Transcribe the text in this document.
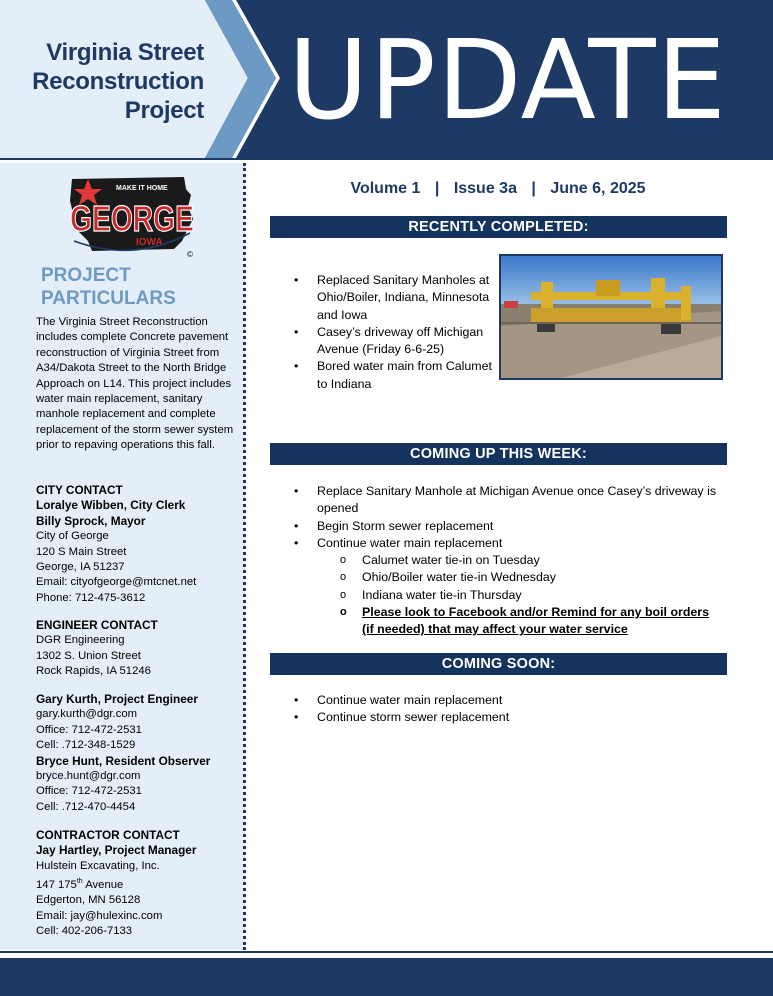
Virginia Street
Reconstruction
Project UPDATE
MAKE IT HOME
GEORGE
IOWA
©
PROJECT
PARTICULARS
The Virginia Street Reconstruction includes complete Concrete pavement reconstruction of Virginia Street from A34/Dakota Street to the North Bridge Approach on L14. This project includes water main replacement, sanitary manhole replacement and complete replacement of the storm sewer system prior to repaving operations this fall.
CITY CONTACT
Loralye Wibben, City Clerk
Billy Sprock, Mayor
City of George
120 S Main Street
George, IA 51237
Email: cityofgeorge@mtcnet.net
Phone: 712-475-3612
ENGINEER CONTACT
DGR Engineering
1302 S. Union Street
Rock Rapids, IA 51246
Gary Kurth, Project Engineer
gary.kurth@dgr.com
Office: 712-472-2531
Cell: .712-348-1529
Bryce Hunt, Resident Observer
bryce.hunt@dgr.com
Office: 712-472-2531
Cell: .712-470-4454
CONTRACTOR CONTACT
Jay Hartley, Project Manager
Hulstein Excavating, Inc.
147 175th Avenue
Edgerton, MN 56128
Email: jay@hulexinc.com
Cell: 402-206-7133
Volume 1 | Issue 3a | June 6, 2025
RECENTLY COMPLETED:
• Replaced Sanitary Manholes at Ohio/Boiler, Indiana, Minnesota and Iowa
• Casey’s driveway off Michigan Avenue (Friday 6-6-25)
• Bored water main from Calumet to Indiana
COMING UP THIS WEEK:
• Replace Sanitary Manhole at Michigan Avenue once Casey’s driveway is opened
• Begin Storm sewer replacement
• Continue water main replacement
o Calumet water tie-in on Tuesday
o Ohio/Boiler water tie-in Wednesday
o Indiana water tie-in Thursday
o Please look to Facebook and/or Remind for any boil orders (if needed) that may affect your water service
COMING SOON:
• Continue water main replacement
• Continue storm sewer replacement
